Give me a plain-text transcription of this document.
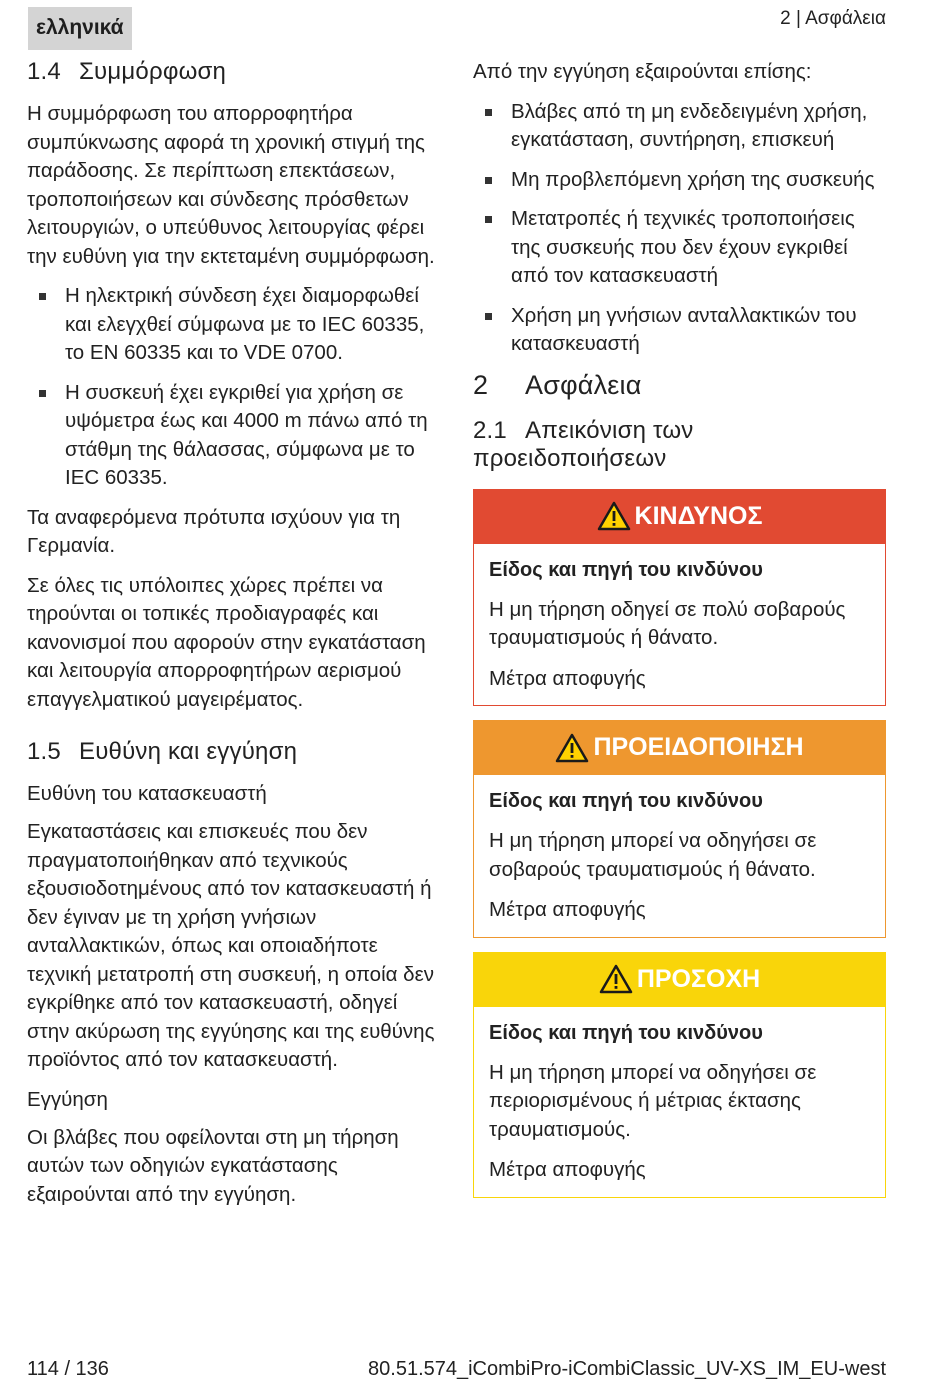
ελληνικά	2 | Ασφάλεια
1.4 Συμμόρφωση

Η συμμόρφωση του απορροφητήρα συμπύκνωσης αφορά τη χρονική στιγμή της παράδοσης. Σε περίπτωση επεκτάσεων, τροποποιήσεων και σύνδεσης πρόσθετων λειτουργιών, ο υπεύθυνος λειτουργίας φέρει την ευθύνη για την εκτεταμένη συμμόρφωση.

Η ηλεκτρική σύνδεση έχει διαμορφωθεί και ελεγχθεί σύμφωνα με το IEC 60335, το EN 60335 και το VDE 0700.
Η συσκευή έχει εγκριθεί για χρήση σε υψόμετρα έως και 4000 m πάνω από τη στάθμη της θάλασσας, σύμφωνα με το IEC 60335.

Τα αναφερόμενα πρότυπα ισχύουν για τη Γερμανία.

Σε όλες τις υπόλοιπες χώρες πρέπει να τηρούνται οι τοπικές προδιαγραφές και κανονισμοί που αφορούν στην εγκατάσταση και λειτουργία απορροφητήρων αερισμού επαγγελματικού μαγειρέματος.

1.5 Ευθύνη και εγγύηση
Ευθύνη του κατασκευαστή

Εγκαταστάσεις και επισκευές που δεν πραγματοποιήθηκαν από τεχνικούς εξουσιοδοτημένους από τον κατασκευαστή ή δεν έγιναν με τη χρήση γνήσιων ανταλλακτικών, όπως και οποιαδήποτε τεχνική μετατροπή στη συσκευή, η οποία δεν εγκρίθηκε από τον κατασκευαστή, οδηγεί στην ακύρωση της εγγύησης και της ευθύνης προϊόντος από τον κατασκευαστή.

Εγγύηση

Οι βλάβες που οφείλονται στη μη τήρηση αυτών των οδηγιών εγκατάστασης εξαιρούνται από την εγγύηση.

Από την εγγύηση εξαιρούνται επίσης:

Βλάβες από τη μη ενδεδειγμένη χρήση, εγκατάσταση, συντήρηση, επισκευή
Μη προβλεπόμενη χρήση της συσκευής
Μετατροπές ή τεχνικές τροποποιήσεις της συσκευής που δεν έχουν εγκριθεί από τον κατασκευαστή
Χρήση μη γνήσιων ανταλλακτικών του κατασκευαστή
2 Ασφάλεια
2.1 Απεικόνιση των προειδοποιήσεων
ΚΙΝΔΥΝΟΣ
Είδος και πηγή του κινδύνου
Η μη τήρηση οδηγεί σε πολύ σοβαρούς τραυματισμούς ή θάνατο.
Μέτρα αποφυγής
ΠΡΟΕΙΔΟΠΟΙΗΣΗ
Είδος και πηγή του κινδύνου
Η μη τήρηση μπορεί να οδηγήσει σε σοβαρούς τραυματισμούς ή θάνατο.
Μέτρα αποφυγής
ΠΡΟΣΟΧΗ
Είδος και πηγή του κινδύνου
Η μη τήρηση μπορεί να οδηγήσει σε περιορισμένους ή μέτριας έκτασης τραυματισμούς.
Μέτρα αποφυγής
114 / 136	80.51.574_iCombiPro-iCombiClassic_UV-XS_IM_EU-west
